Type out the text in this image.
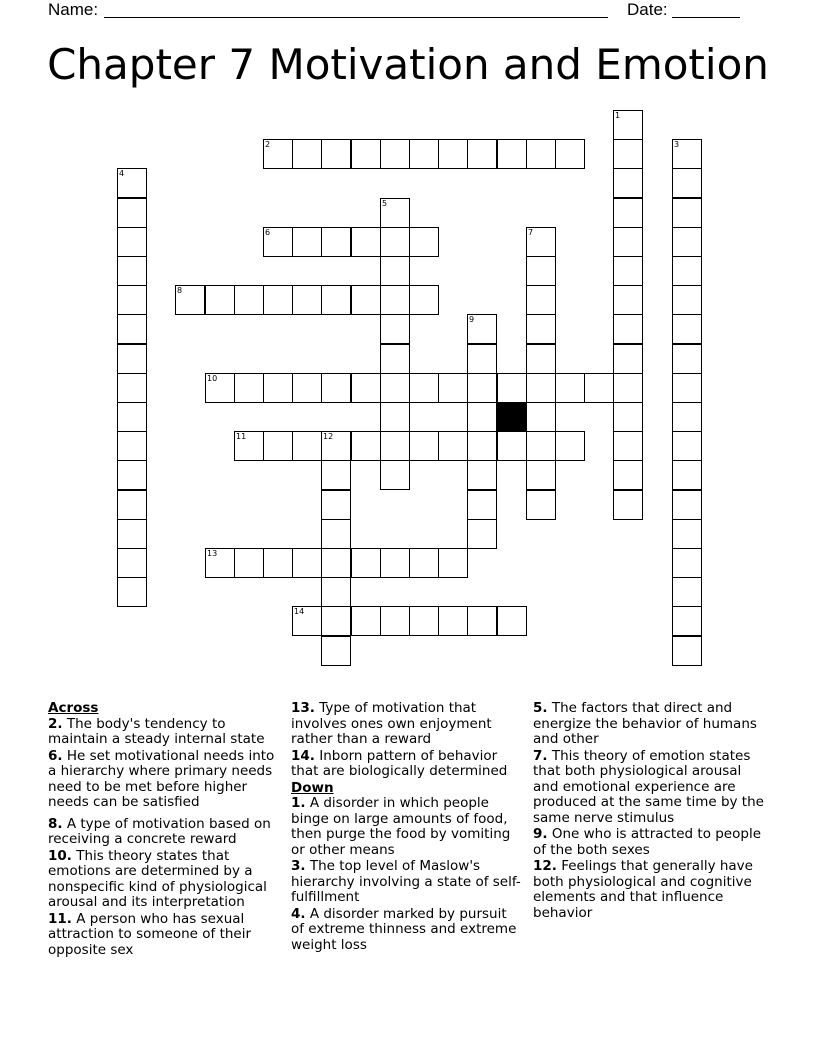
Name:	Date:
Chapter 7 Motivation and Emotion
1
2	3
4
5
6	7
8
9
10
11	12
13
14
Across
2. The body's tendency to maintain a steady internal state
6. He set motivational needs into a hierarchy where primary needs need to be met before higher needs can be satisfied
8. A type of motivation based on receiving a concrete reward
10. This theory states that emotions are determined by a nonspecific kind of physiological arousal and its interpretation
11. A person who has sexual attraction to someone of their opposite sex
13. Type of motivation that involves ones own enjoyment rather than a reward
14. Inborn pattern of behavior that are biologically determined
Down
1. A disorder in which people binge on large amounts of food, then purge the food by vomiting or other means
3. The top level of Maslow's hierarchy involving a state of self-fulfillment
4. A disorder marked by pursuit of extreme thinness and extreme weight loss
5. The factors that direct and energize the behavior of humans and other
7. This theory of emotion states that both physiological arousal and emotional experience are produced at the same time by the same nerve stimulus
9. One who is attracted to people of the both sexes
12. Feelings that generally have both physiological and cognitive elements and that influence behavior
